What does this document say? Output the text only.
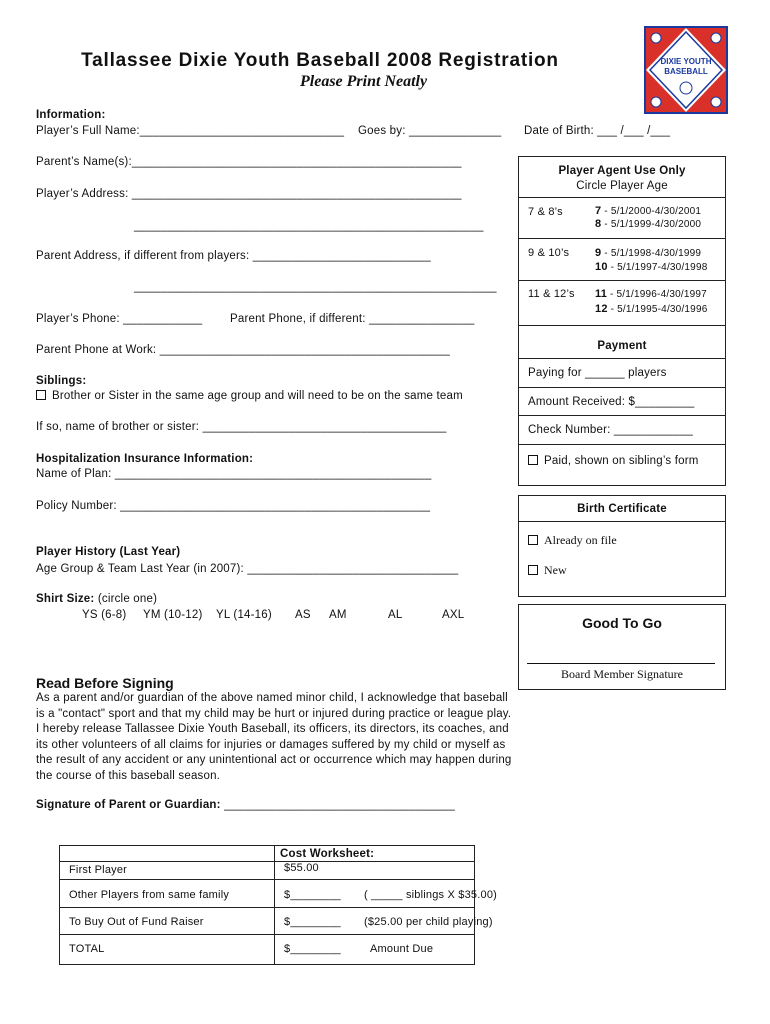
Tallassee Dixie Youth Baseball 2008 Registration
Please Print Neatly
DIXIE YOUTH
BASEBALL
Information:
Player’s Full Name:_______________________________ Goes by: ______________ Date of Birth: ___ /___ /___
Parent’s Name(s):__________________________________________________
Player’s Address: __________________________________________________
_____________________________________________________
Parent Address, if different from players: ___________________________
_______________________________________________________
Player’s Phone: ____________ Parent Phone, if different: ________________
Parent Phone at Work: ____________________________________________
Siblings:
Brother or Sister in the same age group and will need to be on the same team
If so, name of brother or sister: _____________________________________
Hospitalization Insurance Information:
Name of Plan: ________________________________________________
Policy Number: _______________________________________________
Player History (Last Year)
Age Group & Team Last Year (in 2007): ________________________________
Shirt Size: (circle one)
YS (6-8) YM (10-12) YL (14-16) AS AM	AL	AXL
Read Before Signing
As a parent and/or guardian of the above named minor child, I acknowledge that baseball is a "contact" sport and that my child may be hurt or injured during practice or league play. I hereby release Tallassee Dixie Youth Baseball, its officers, its directors, its coaches, and its other volunteers of all claims for injuries or damages suffered by my child or myself as the result of any accident or any unintentional act or occurrence which may happen during the course of this baseball season.
Signature of Parent or Guardian: ___________________________________
Player Agent Use Only
Circle Player Age
7 & 8’s	7 - 5/1/2000-4/30/2001
8 - 5/1/1999-4/30/2000
9 & 10’s 9 - 5/1/1998-4/30/1999
10 - 5/1/1997-4/30/1998
11 & 12’s 11 - 5/1/1996-4/30/1997
12 - 5/1/1995-4/30/1996
Payment
Paying for ______ players
Amount Received: $_________
Check Number: ____________
Paid, shown on sibling’s form
Birth Certificate
Already on file
New
Good To Go
Board Member Signature
Cost Worksheet:
First Player	$55.00
Other Players from same family	$________ ( _____ siblings X $35.00)
To Buy Out of Fund Raiser	$________ ($25.00 per child playing)
TOTAL	$________	Amount Due
